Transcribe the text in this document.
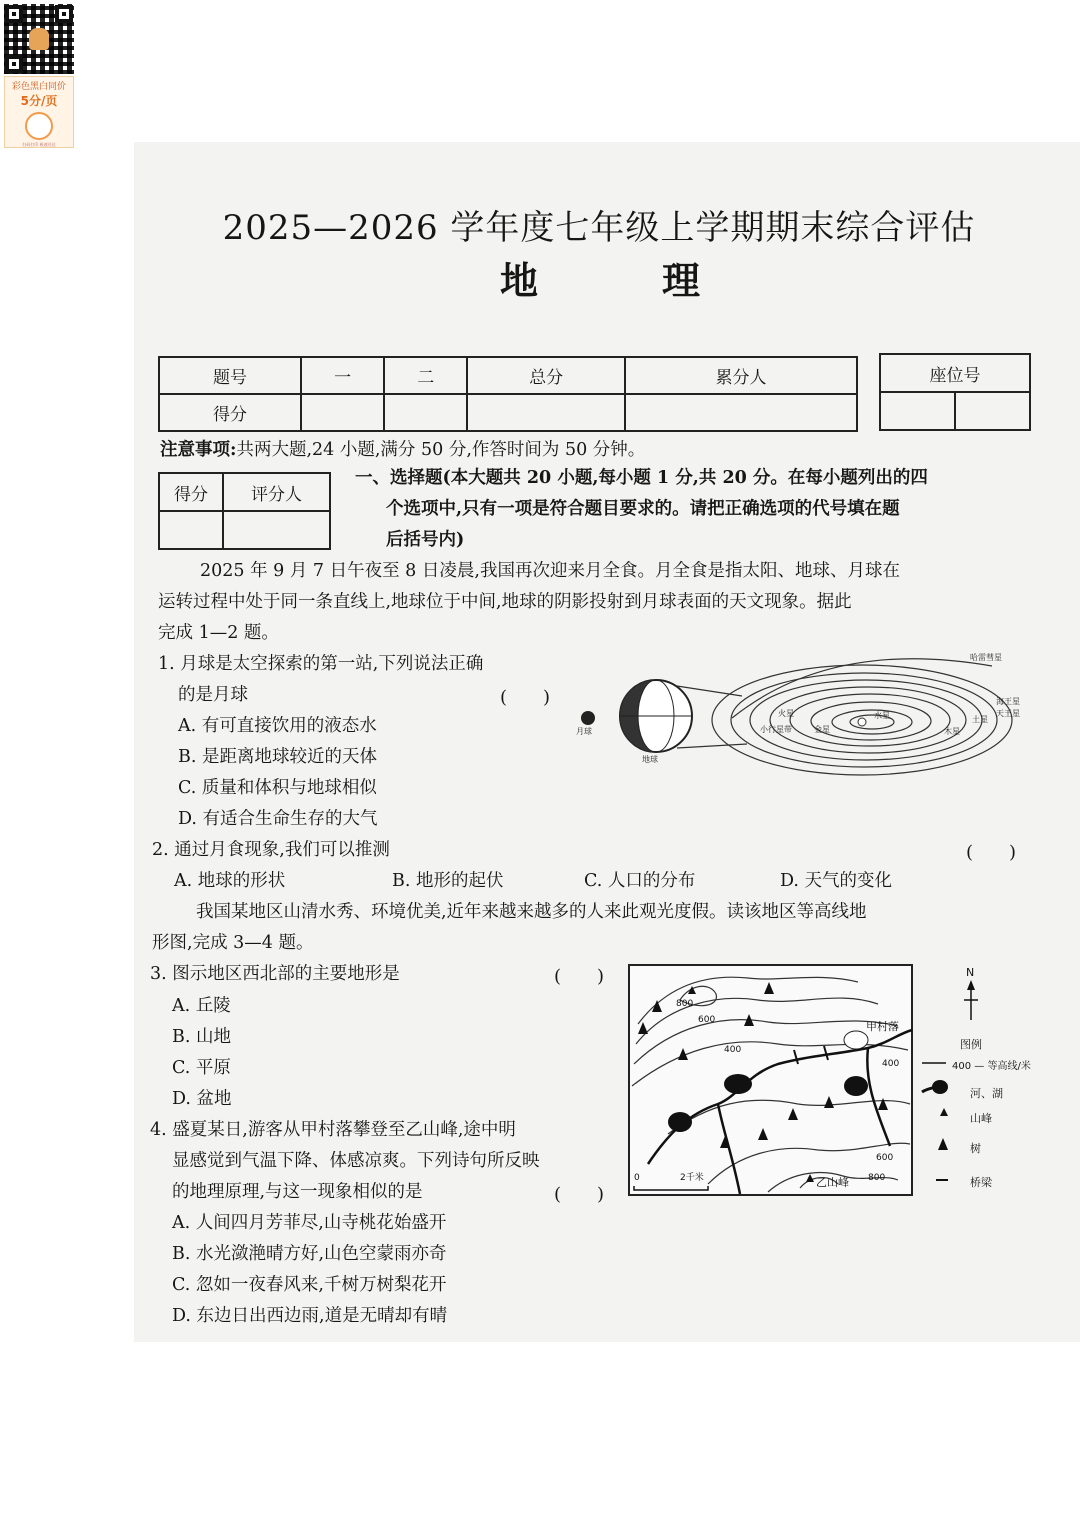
彩色黑白同价
5分/页
扫码打印 极速送达
2025—2026 学年度七年级上学期期末综合评估
地	理
题号	一	二	总分	累分人
得分				
座位号

注意事项:共两大题,24 小题,满分 50 分,作答时间为 50 分钟。
得分	评分人

一、选择题(本大题共 20 小题,每小题 1 分,共 20 分。在每小题列出的四
个选项中,只有一项是符合题目要求的。请把正确选项的代号填在题
后括号内)
2025 年 9 月 7 日午夜至 8 日凌晨,我国再次迎来月全食。月全食是指太阳、地球、月球在
运转过程中处于同一条直线上,地球位于中间,地球的阴影投射到月球表面的天文现象。据此
完成 1—2 题。
1. 月球是太空探索的第一站,下列说法正确
的是月球	(　　)
A. 有可直接饮用的液态水
B. 是距离地球较近的天体
C. 质量和体积与地球相似
D. 有适合生命生存的大气
月球
地球
哈雷彗星
海王星
天王星
土星
木星
水星
金星
火星
小行星带
2. 通过月食现象,我们可以推测	(　　)
A. 地球的形状	B. 地形的起伏	C. 人口的分布	D. 天气的变化
我国某地区山清水秀、环境优美,近年来越来越多的人来此观光度假。读该地区等高线地
形图,完成 3—4 题。
3. 图示地区西北部的主要地形是	(　　)
A. 丘陵
B. 山地
C. 平原
D. 盆地
4. 盛夏某日,游客从甲村落攀登至乙山峰,途中明
显感觉到气温下降、体感凉爽。下列诗句所反映
的地理原理,与这一现象相似的是	(　　)
A. 人间四月芳菲尽,山寺桃花始盛开
B. 水光潋滟晴方好,山色空蒙雨亦奇
C. 忽如一夜春风来,千树万树梨花开
D. 东边日出西边雨,道是无晴却有晴
800
600
400
400
600
800
甲村落
乙山峰
0	2千米
N
图例
400 — 等高线/米
河、湖
山峰
树
桥梁
